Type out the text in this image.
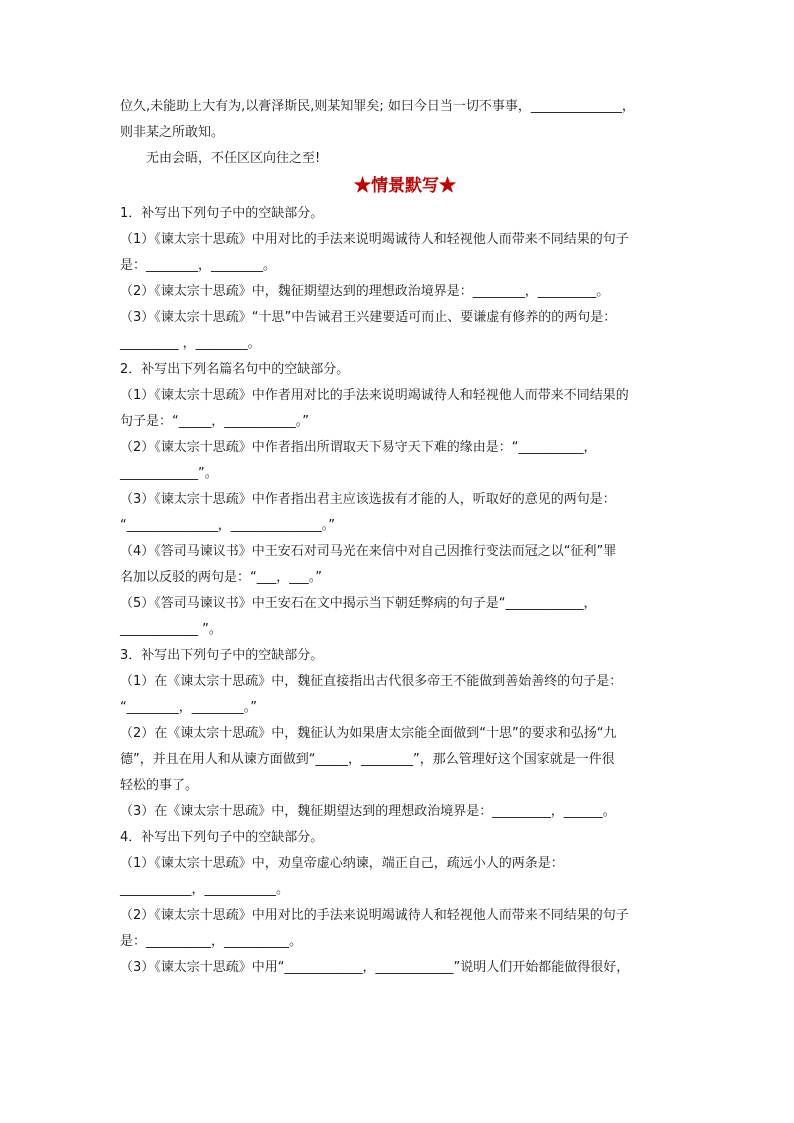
位久,未能助上大有为,以膏泽斯民,则某知罪矣; 如曰今日当一切不事事，______________，
则非某之所敢知。
无由会晤，不任区区向往之至!
★情景默写★
1．补写出下列句子中的空缺部分。
（1）《谏太宗十思疏》中用对比的手法来说明竭诚待人和轻视他人而带来不同结果的句子
是：________，________。
（2）《谏太宗十思疏》中，魏征期望达到的理想政治境界是：________，_________。
（3）《谏太宗十思疏》“十思”中告诫君王兴建要适可而止、要谦虚有修养的的两句是：
_________ ，________。
2．补写出下列名篇名句中的空缺部分。
（1）《谏太宗十思疏》中作者用对比的手法来说明竭诚待人和轻视他人而带来不同结果的
句子是：“_____，___________。”
（2）《谏太宗十思疏》中作者指出所谓取天下易守天下难的缘由是：“__________，
____________”。
（3）《谏太宗十思疏》中作者指出君主应该选拔有才能的人，听取好的意见的两句是：
“______________，______________。”
（4）《答司马谏议书》中王安石对司马光在来信中对自己因推行变法而冠之以“征利”罪
名加以反驳的两句是：“___，___。”
（5）《答司马谏议书》中王安石在文中揭示当下朝廷弊病的句子是“____________，
____________ ”。
3．补写出下列句子中的空缺部分。
（1）在《谏太宗十思疏》中，魏征直接指出古代很多帝王不能做到善始善终的句子是：
“________，________。”
（2）在《谏太宗十思疏》中，魏征认为如果唐太宗能全面做到“十思”的要求和弘扬“九
德”，并且在用人和从谏方面做到“_____，________”，那么管理好这个国家就是一件很
轻松的事了。
（3）在《谏太宗十思疏》中，魏征期望达到的理想政治境界是：_________，______。
4．补写出下列句子中的空缺部分。
（1）《谏太宗十思疏》中，劝皇帝虚心纳谏，端正自己，疏远小人的两条是：
___________，___________。
（2）《谏太宗十思疏》中用对比的手法来说明竭诚待人和轻视他人而带来不同结果的句子
是：__________，__________。
（3）《谏太宗十思疏》中用“____________，____________”说明人们开始都能做得很好，
